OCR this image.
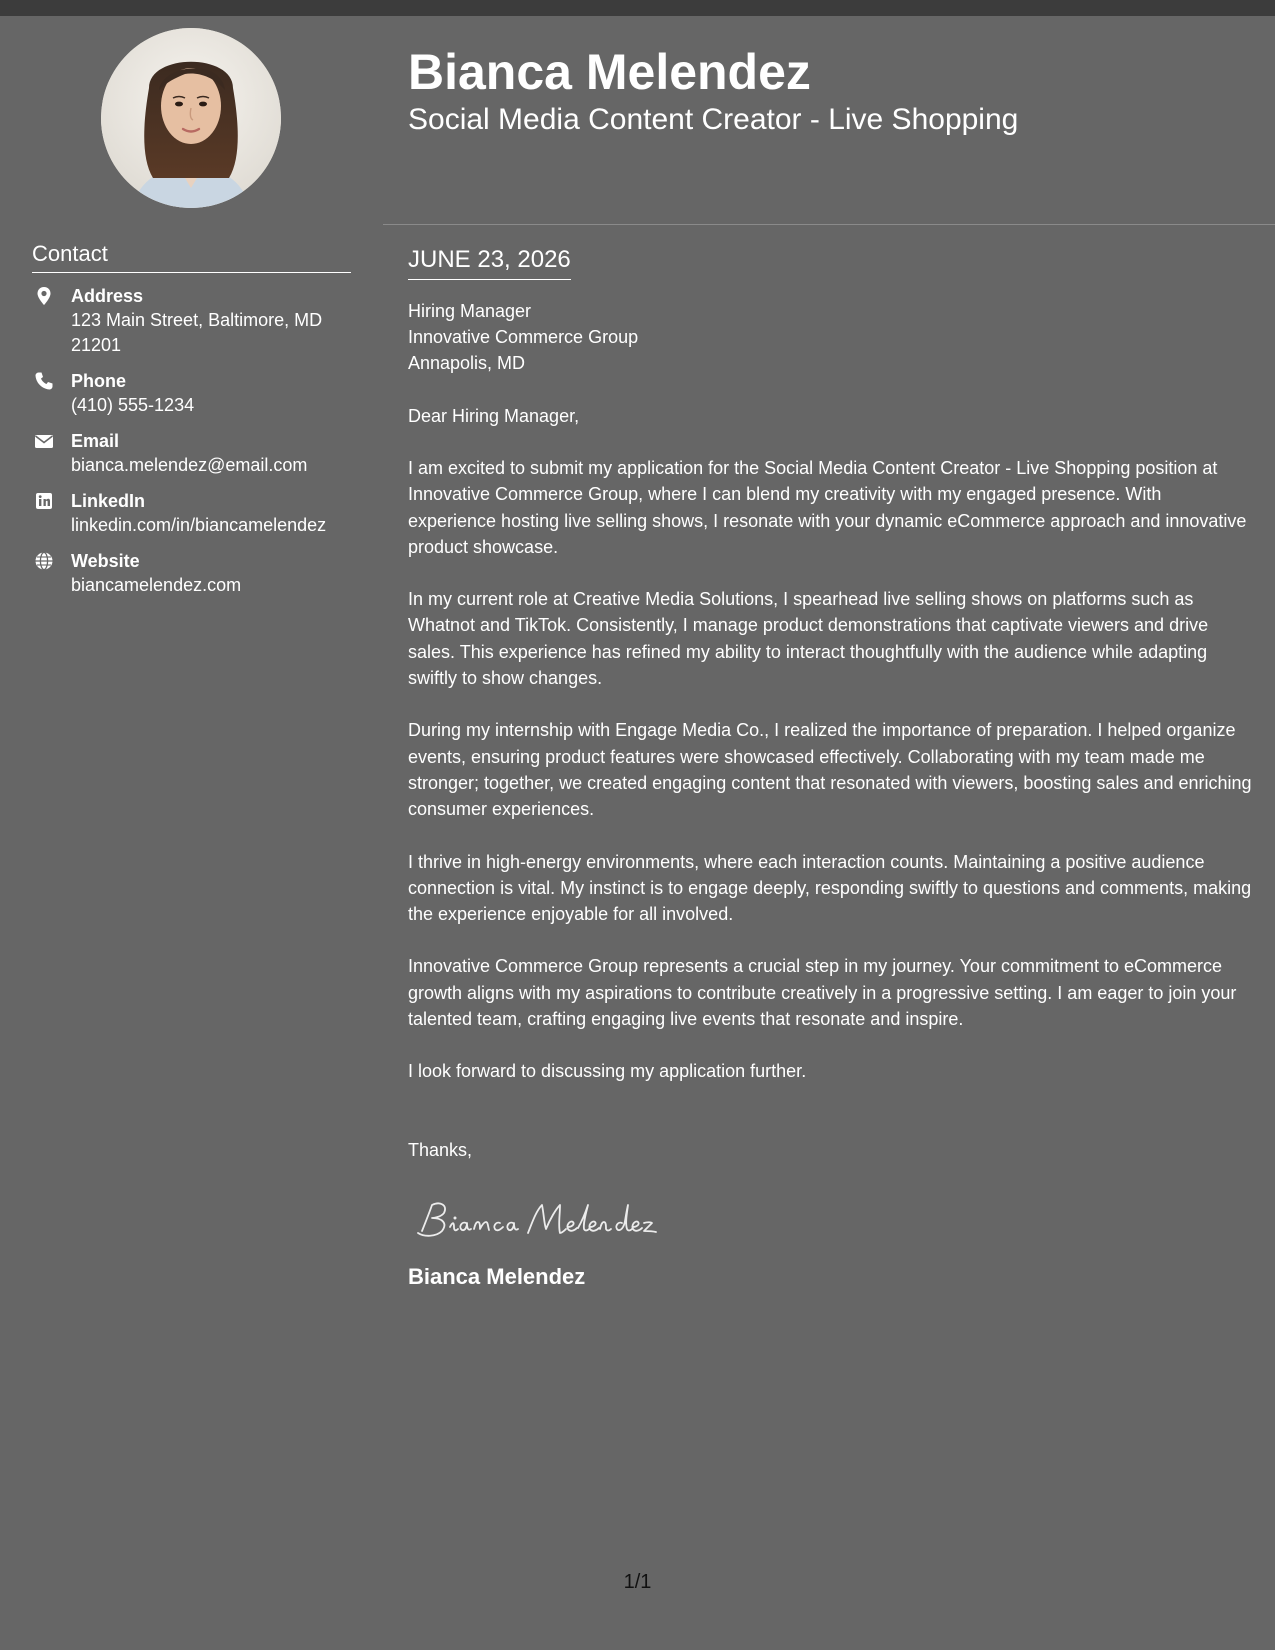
Contact
Address
123 Main Street, Baltimore, MD 21201
Phone
(410) 555-1234
Email
bianca.melendez@email.com
LinkedIn
linkedin.com/in/biancamelendez
Website
biancamelendez.com
Bianca Melendez
Social Media Content Creator - Live Shopping
JUNE 23, 2026
Hiring Manager
Innovative Commerce Group
Annapolis, MD
Dear Hiring Manager,
I am excited to submit my application for the Social Media Content Creator - Live Shopping position at Innovative Commerce Group, where I can blend my creativity with my engaged presence. With experience hosting live selling shows, I resonate with your dynamic eCommerce approach and innovative product showcase.
In my current role at Creative Media Solutions, I spearhead live selling shows on platforms such as Whatnot and TikTok. Consistently, I manage product demonstrations that captivate viewers and drive sales. This experience has refined my ability to interact thoughtfully with the audience while adapting swiftly to show changes.
During my internship with Engage Media Co., I realized the importance of preparation. I helped organize events, ensuring product features were showcased effectively. Collaborating with my team made me stronger; together, we created engaging content that resonated with viewers, boosting sales and enriching consumer experiences.
I thrive in high-energy environments, where each interaction counts. Maintaining a positive audience connection is vital. My instinct is to engage deeply, responding swiftly to questions and comments, making the experience enjoyable for all involved.
Innovative Commerce Group represents a crucial step in my journey. Your commitment to eCommerce growth aligns with my aspirations to contribute creatively in a progressive setting. I am eager to join your talented team, crafting engaging live events that resonate and inspire.
I look forward to discussing my application further.
Thanks,
Bianca Melendez
1/1
